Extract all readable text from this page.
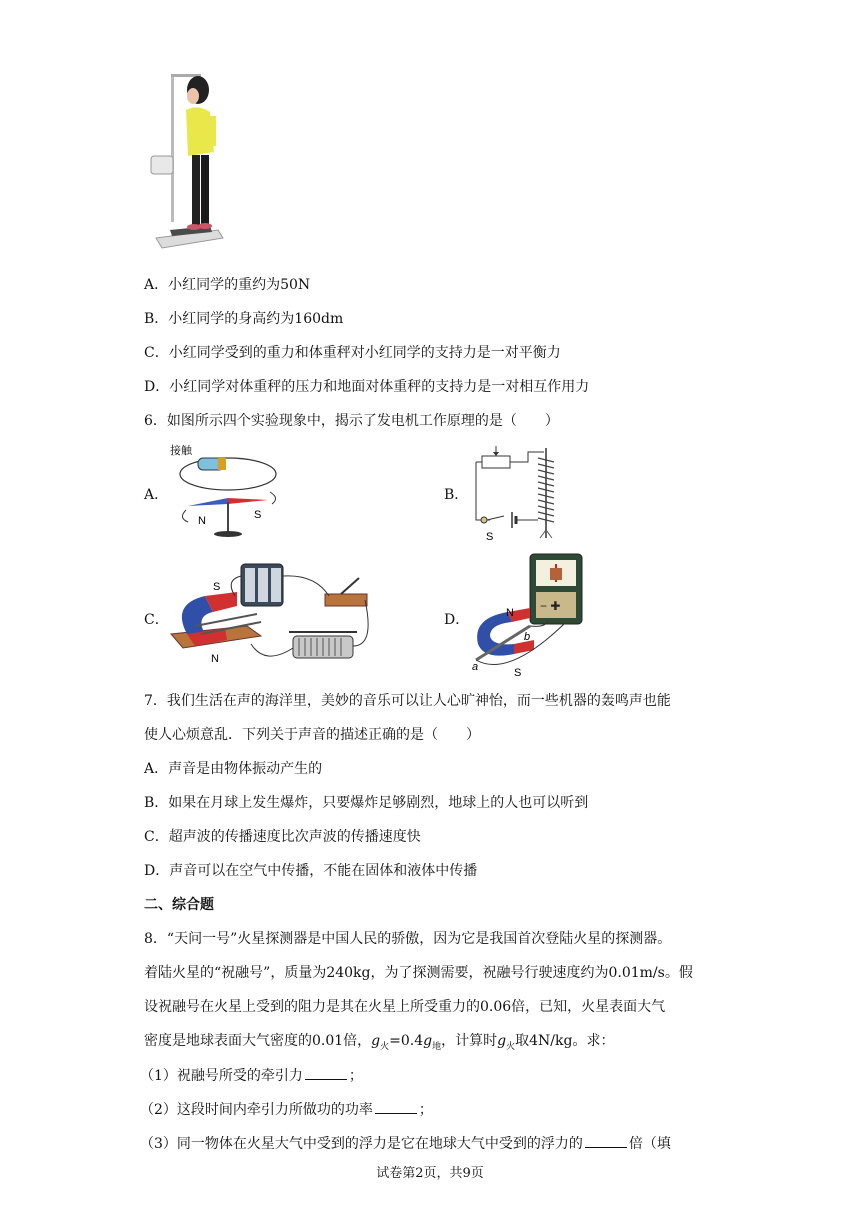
A．小红同学的重约为50N
B．小红同学的身高约为160dm
C．小红同学受到的重力和体重秤对小红同学的支持力是一对平衡力
D．小红同学对体重秤的压力和地面对体重秤的支持力是一对相互作用力
6．如图所示四个实验现象中，揭示了发电机工作原理的是（　　）
A．	B．
C．	D．
接触
N	S
S
S
N
− ✚
N
S
b
a
7．我们生活在声的海洋里，美妙的音乐可以让人心旷神怡，而一些机器的轰鸣声也能
使人心烦意乱．下列关于声音的描述正确的是（　　）
A．声音是由物体振动产生的
B．如果在月球上发生爆炸，只要爆炸足够剧烈，地球上的人也可以听到
C．超声波的传播速度比次声波的传播速度快
D．声音可以在空气中传播，不能在固体和液体中传播
二、综合题
8．“天问一号”火星探测器是中国人民的骄傲，因为它是我国首次登陆火星的探测器。
着陆火星的“祝融号”，质量为240kg，为了探测需要，祝融号行驶速度约为0.01m/s。假
设祝融号在火星上受到的阻力是其在火星上所受重力的0.06倍，已知，火星表面大气
密度是地球表面大气密度的0.01倍，$g_火=0.4g_地$，计算时$g_火$取4N/kg。求：
（1）祝融号所受的牵引力	；
（2）这段时间内牵引力所做功的功率	；
（3）同一物体在火星大气中受到的浮力是它在地球大气中受到的浮力的	倍（填
试卷第2页，共9页
